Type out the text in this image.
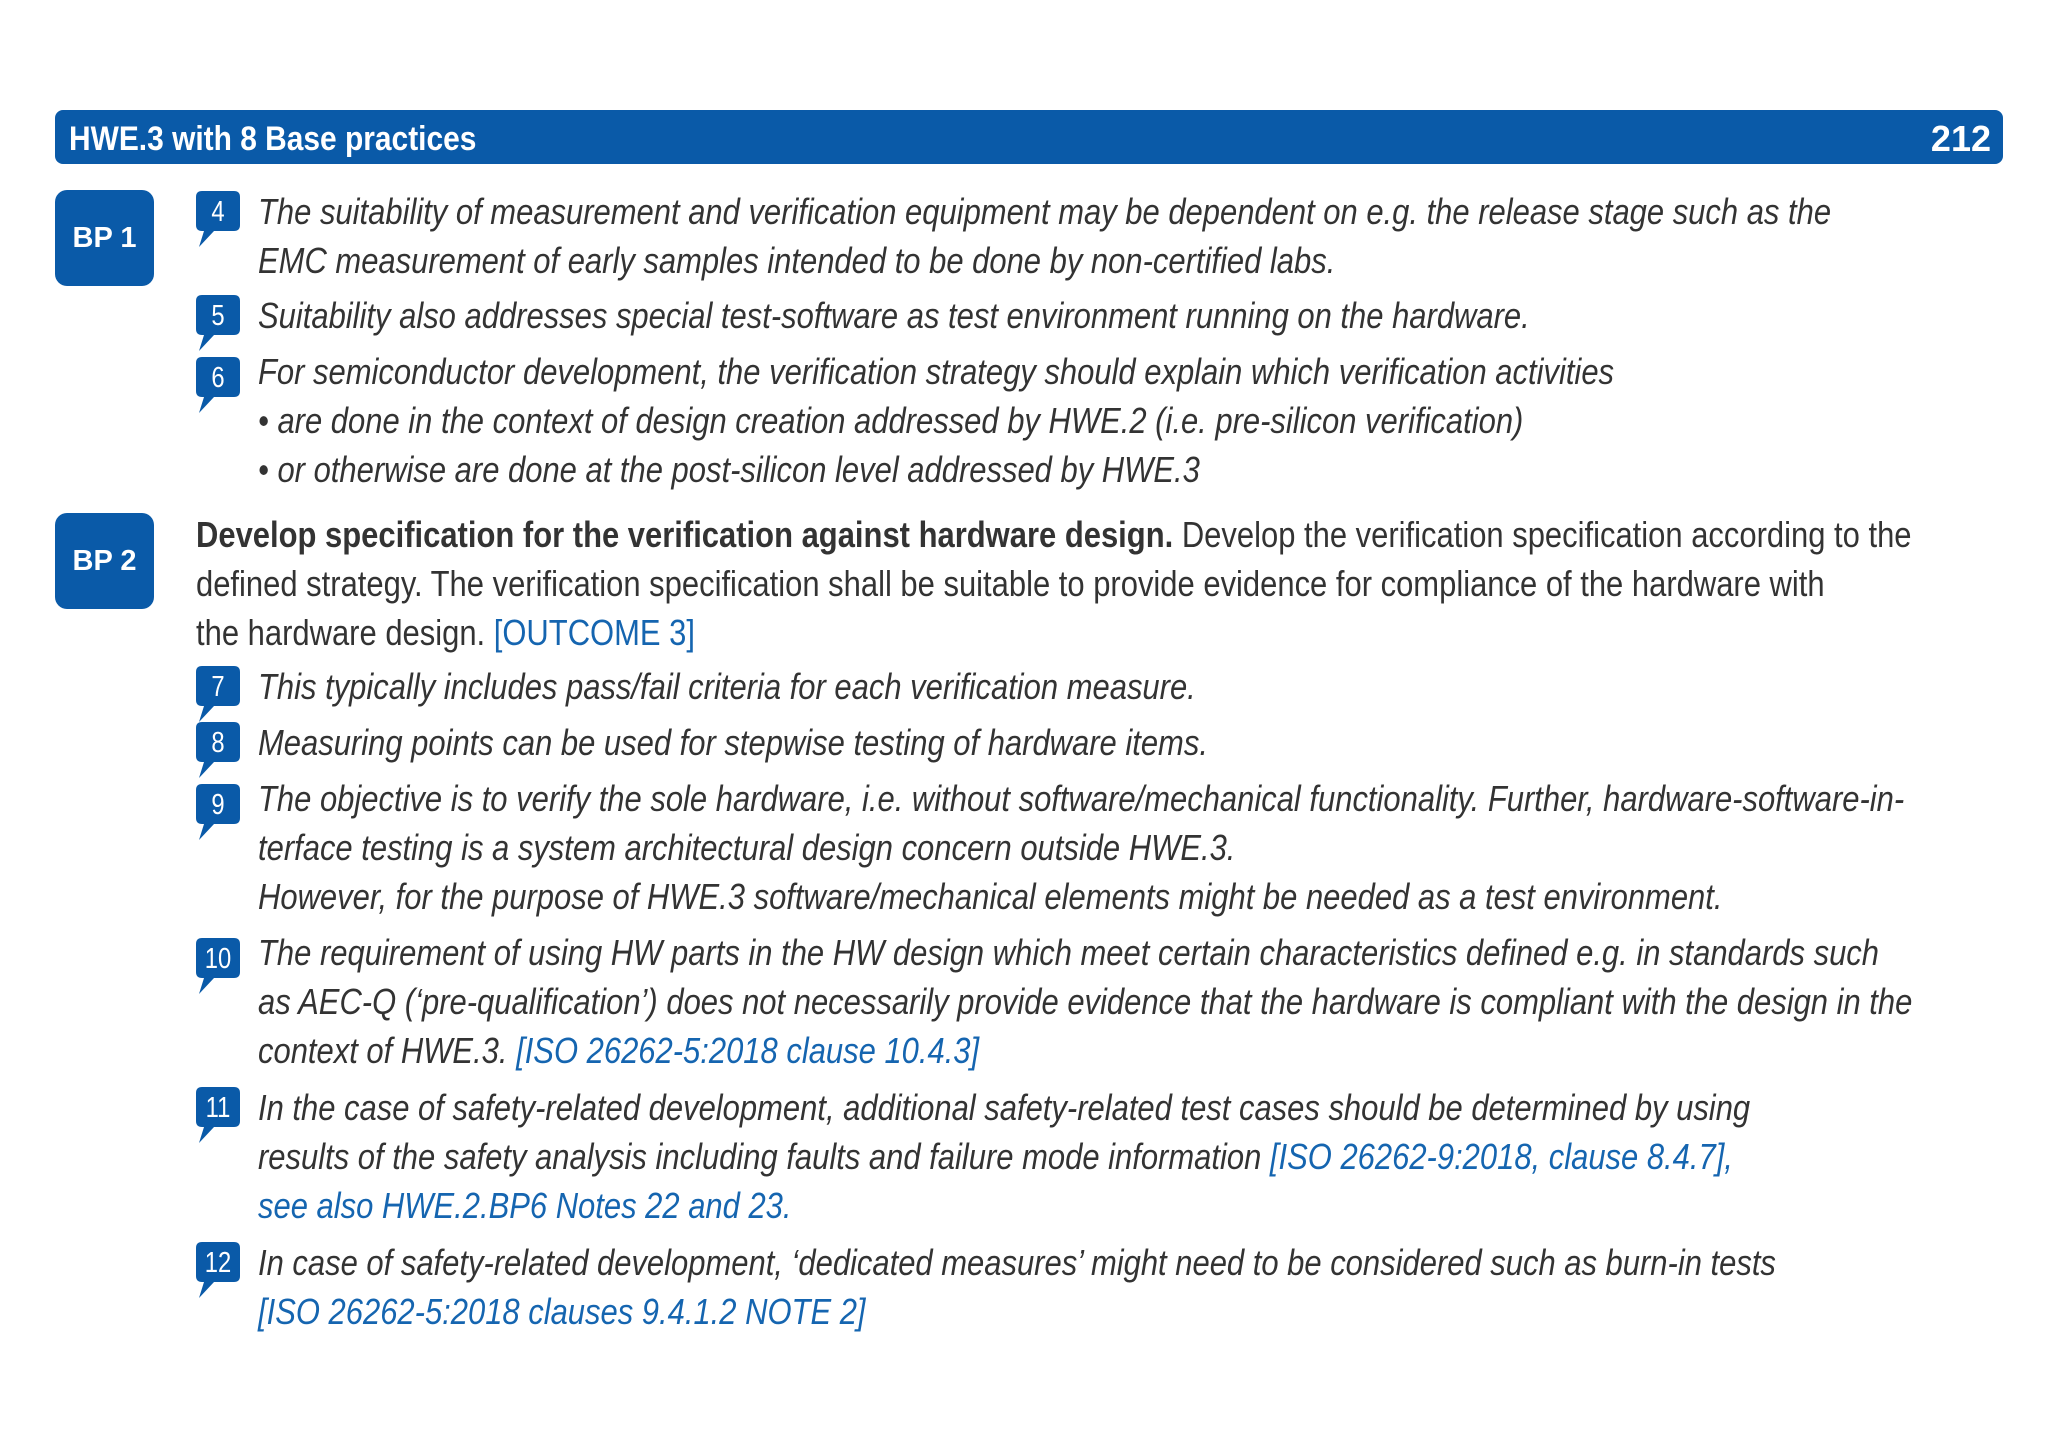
HWE.3 with 8 Base practices	212
BP 1
4 The suitability of measurement and verification equipment may be dependent on e.g. the release stage such as the
EMC measurement of early samples intended to be done by non-certified labs.
5 Suitability also addresses special test-software as test environment running on the hardware.
6 For semiconductor development, the verification strategy should explain which verification activities
• are done in the context of design creation addressed by HWE.2 (i.e. pre-silicon verification)
• or otherwise are done at the post-silicon level addressed by HWE.3
BP 2
Develop specification for the verification against hardware design. Develop the verification specification according to the
defined strategy. The verification specification shall be suitable to provide evidence for compliance of the hardware with
the hardware design. [OUTCOME 3]
7 This typically includes pass/fail criteria for each verification measure.
8 Measuring points can be used for stepwise testing of hardware items.
9 The objective is to verify the sole hardware, i.e. without software/mechanical functionality. Further, hardware-software-in-
terface testing is a system architectural design concern outside HWE.3.
However, for the purpose of HWE.3 software/mechanical elements might be needed as a test environment.
10 The requirement of using HW parts in the HW design which meet certain characteristics defined e.g. in standards such
as AEC-Q (‘pre-qualification’) does not necessarily provide evidence that the hardware is compliant with the design in the
context of HWE.3. [ISO 26262-5:2018 clause 10.4.3]
11 In the case of safety-related development, additional safety-related test cases should be determined by using
results of the safety analysis including faults and failure mode information [ISO 26262-9:2018, clause 8.4.7],
see also HWE.2.BP6 Notes 22 and 23.
12 In case of safety-related development, ‘dedicated measures’ might need to be considered such as burn-in tests
[ISO 26262-5:2018 clauses 9.4.1.2 NOTE 2]
